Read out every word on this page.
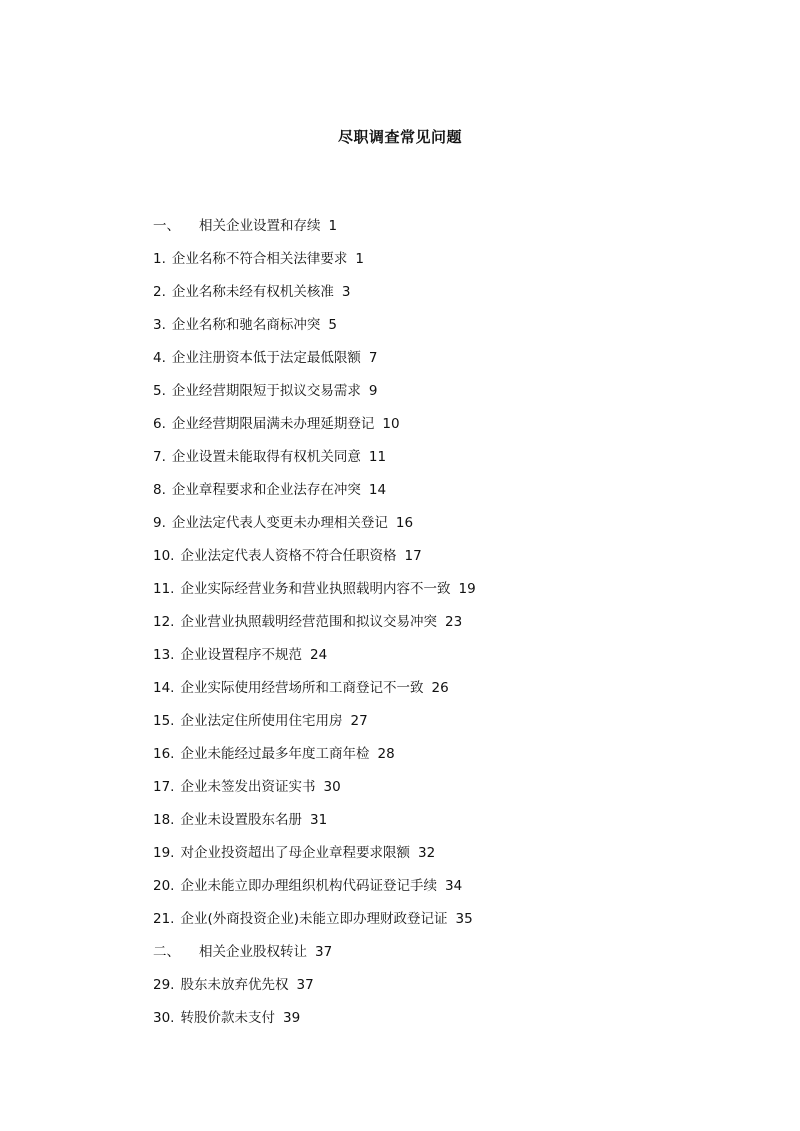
尽职调查常见问题
一、 相关企业设置和存续 1
1. 企业名称不符合相关法律要求 1
2. 企业名称未经有权机关核准 3
3. 企业名称和驰名商标冲突 5
4. 企业注册资本低于法定最低限额 7
5. 企业经营期限短于拟议交易需求 9
6. 企业经营期限届满未办理延期登记 10
7. 企业设置未能取得有权机关同意 11
8. 企业章程要求和企业法存在冲突 14
9. 企业法定代表人变更未办理相关登记 16
10. 企业法定代表人资格不符合任职资格 17
11. 企业实际经营业务和营业执照载明内容不一致 19
12. 企业营业执照载明经营范围和拟议交易冲突 23
13. 企业设置程序不规范 24
14. 企业实际使用经营场所和工商登记不一致 26
15. 企业法定住所使用住宅用房 27
16. 企业未能经过最多年度工商年检 28
17. 企业未签发出资证实书 30
18. 企业未设置股东名册 31
19. 对企业投资超出了母企业章程要求限额 32
20. 企业未能立即办理组织机构代码证登记手续 34
21. 企业(外商投资企业)未能立即办理财政登记证 35
二、 相关企业股权转让 37
29. 股东未放弃优先权 37
30. 转股价款未支付 39
